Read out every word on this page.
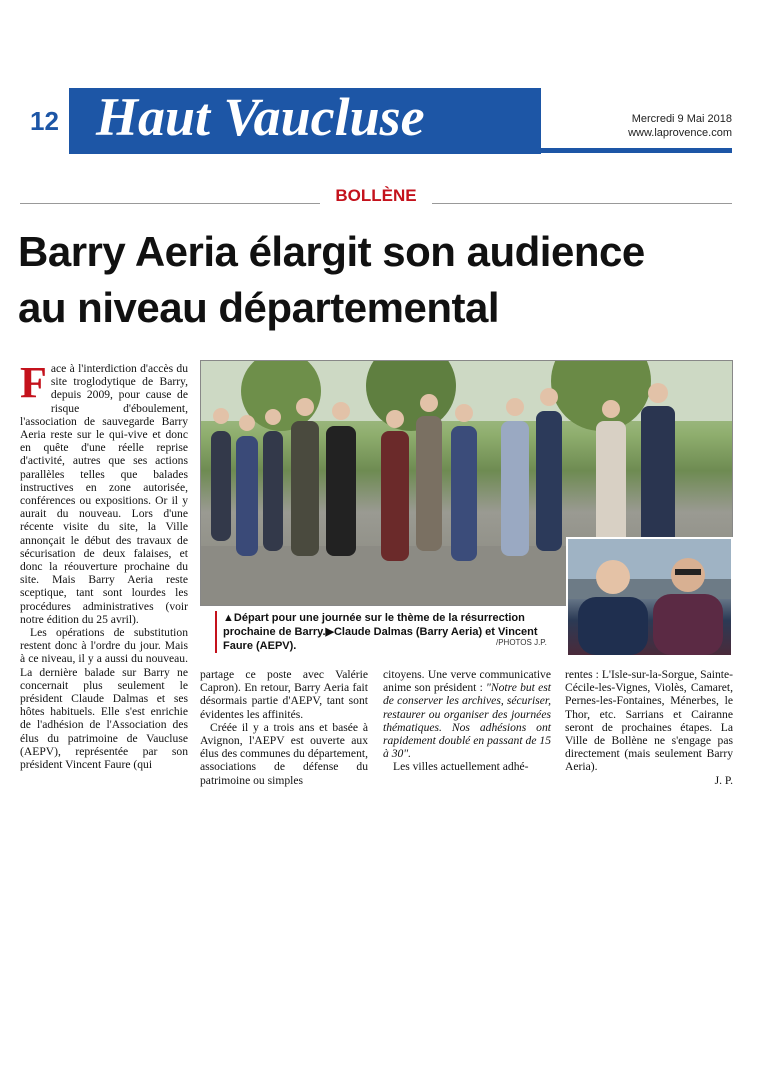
12 Haut Vaucluse	Mercredi 9 Mai 2018
www.laprovence.com
BOLLÈNE
Barry Aeria élargit son audience
au niveau départemental

Face à l'interdiction d'accès du site troglodytique de Barry, depuis 2009, pour cause de risque d'éboulement, l'association de sauvegarde Barry Aeria reste sur le qui-vive et donc en quête d'une réelle reprise d'activité, autres que ses actions parallèles telles que balades instructives en zone autorisée, conférences ou expositions. Or il y aurait du nouveau. Lors d'une récente visite du site, la Ville annonçait le début des travaux de sécurisation de deux falaises, et donc la réouverture prochaine du site. Mais Barry Aeria reste sceptique, tant sont lourdes les procédures administratives (voir notre édition du 25 avril).

Les opérations de substitution restent donc à l'ordre du jour. Mais à ce niveau, il y a aussi du nouveau. La dernière balade sur Barry ne concernait plus seulement le président Claude Dalmas et ses hôtes habituels. Elle s'est enrichie de l'adhésion de l'Association des élus du patrimoine de Vaucluse (AEPV), représentée par son président Vincent Faure (qui

▲Départ pour une journée sur le thème de la résurrection prochaine de Barry.▶Claude Dalmas (Barry Aeria) et Vincent Faure (AEPV).	/PHOTOS J.P.

partage ce poste avec Valérie Capron). En retour, Barry Aeria fait désormais partie d'AEPV, tant sont évidentes les affinités.

Créée il y a trois ans et basée à Avignon, l'AEPV est ouverte aux élus des communes du département, associations de défense du patrimoine ou simples

citoyens. Une verve communicative anime son président : "Notre but est de conserver les archives, sécuriser, restaurer ou organiser des journées thématiques. Nos adhésions ont rapidement doublé en passant de 15 à 30".

Les villes actuellement adhé-

rentes : L'Isle-sur-la-Sorgue, Sainte-Cécile-les-Vignes, Violès, Camaret, Pernes-les-Fontaines, Ménerbes, le Thor, etc. Sarrians et Cairanne seront de prochaines étapes. La Ville de Bollène ne s'engage pas directement (mais seulement Barry Aeria).

J. P.
